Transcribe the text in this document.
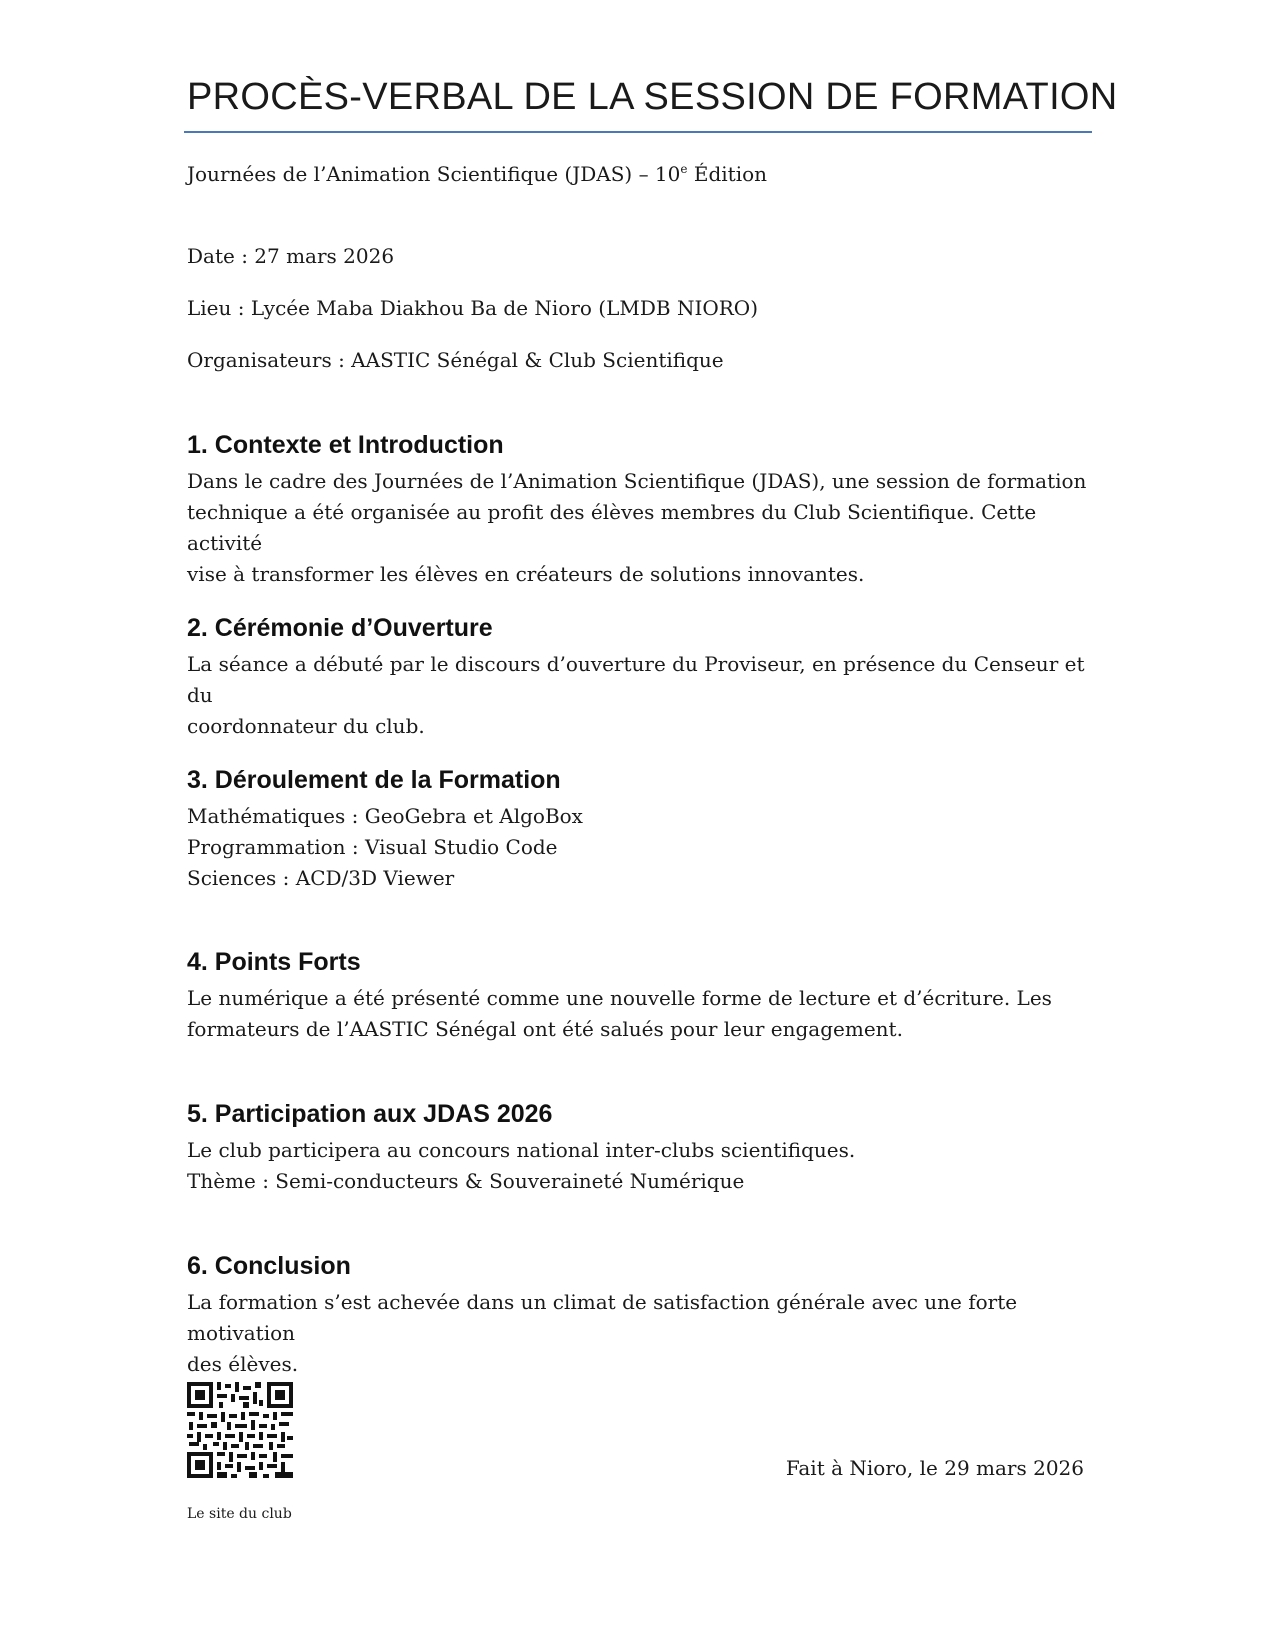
PROCÈS-VERBAL DE LA SESSION DE FORMATION
Journées de l’Animation Scientifique (JDAS) – 10e Édition
Date : 27 mars 2026
Lieu : Lycée Maba Diakhou Ba de Nioro (LMDB NIORO)
Organisateurs : AASTIC Sénégal & Club Scientifique
1. Contexte et Introduction

Dans le cadre des Journées de l’Animation Scientifique (JDAS), une session de formation

technique a été organisée au profit des élèves membres du Club Scientifique. Cette activité

vise à transformer les élèves en créateurs de solutions innovantes.

2. Cérémonie d’Ouverture

La séance a débuté par le discours d’ouverture du Proviseur, en présence du Censeur et du

coordonnateur du club.

3. Déroulement de la Formation

Mathématiques : GeoGebra et AlgoBox

Programmation : Visual Studio Code

Sciences : ACD/3D Viewer

4. Points Forts

Le numérique a été présenté comme une nouvelle forme de lecture et d’écriture. Les

formateurs de l’AASTIC Sénégal ont été salués pour leur engagement.

5. Participation aux JDAS 2026

Le club participera au concours national inter-clubs scientifiques.

Thème : Semi-conducteurs & Souveraineté Numérique

6. Conclusion

La formation s’est achevée dans un climat de satisfaction générale avec une forte motivation

des élèves.

Le site du club
Fait à Nioro, le 29 mars 2026
